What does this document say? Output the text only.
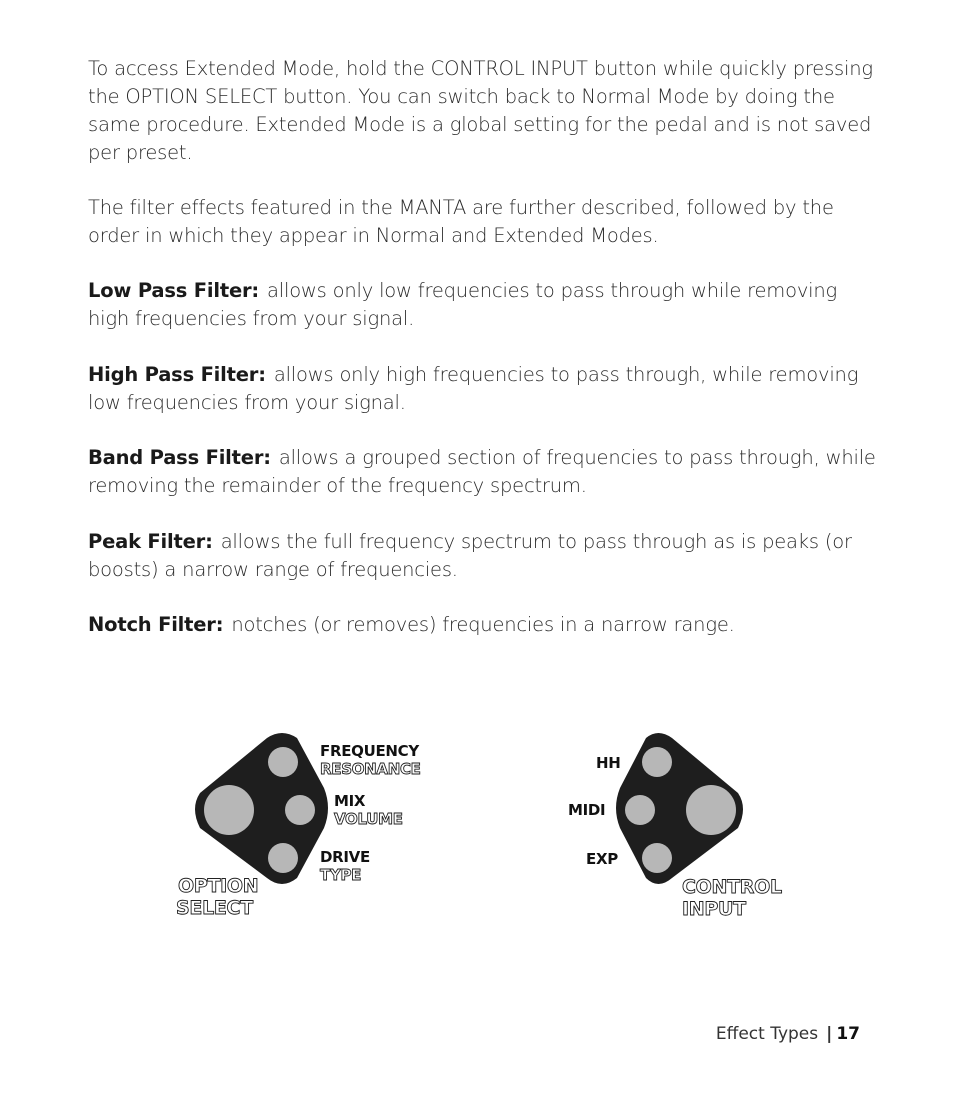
To access Extended Mode, hold the CONTROL INPUT button while quickly pressing the OPTION SELECT button. You can switch back to Normal Mode by doing the same procedure. Extended Mode is a global setting for the pedal and is not saved per preset.

The filter effects featured in the MANTA are further described, followed by the order in which they appear in Normal and Extended Modes.

Low Pass Filter: allows only low frequencies to pass through while removing high frequencies from your signal.

High Pass Filter: allows only high frequencies to pass through, while removing low frequencies from your signal.

Band Pass Filter: allows a grouped section of frequencies to pass through, while removing the remainder of the frequency spectrum.

Peak Filter: allows the full frequency spectrum to pass through as is peaks (or boosts) a narrow range of frequencies.

Notch Filter: notches (or removes) frequencies in a narrow range.

FREQUENCY
RESONANCE
MIX
VOLUME
DRIVE
TYPE
OPTION
SELECT
HH
MIDI
EXP
CONTROL
INPUT
Effect Types | 17
